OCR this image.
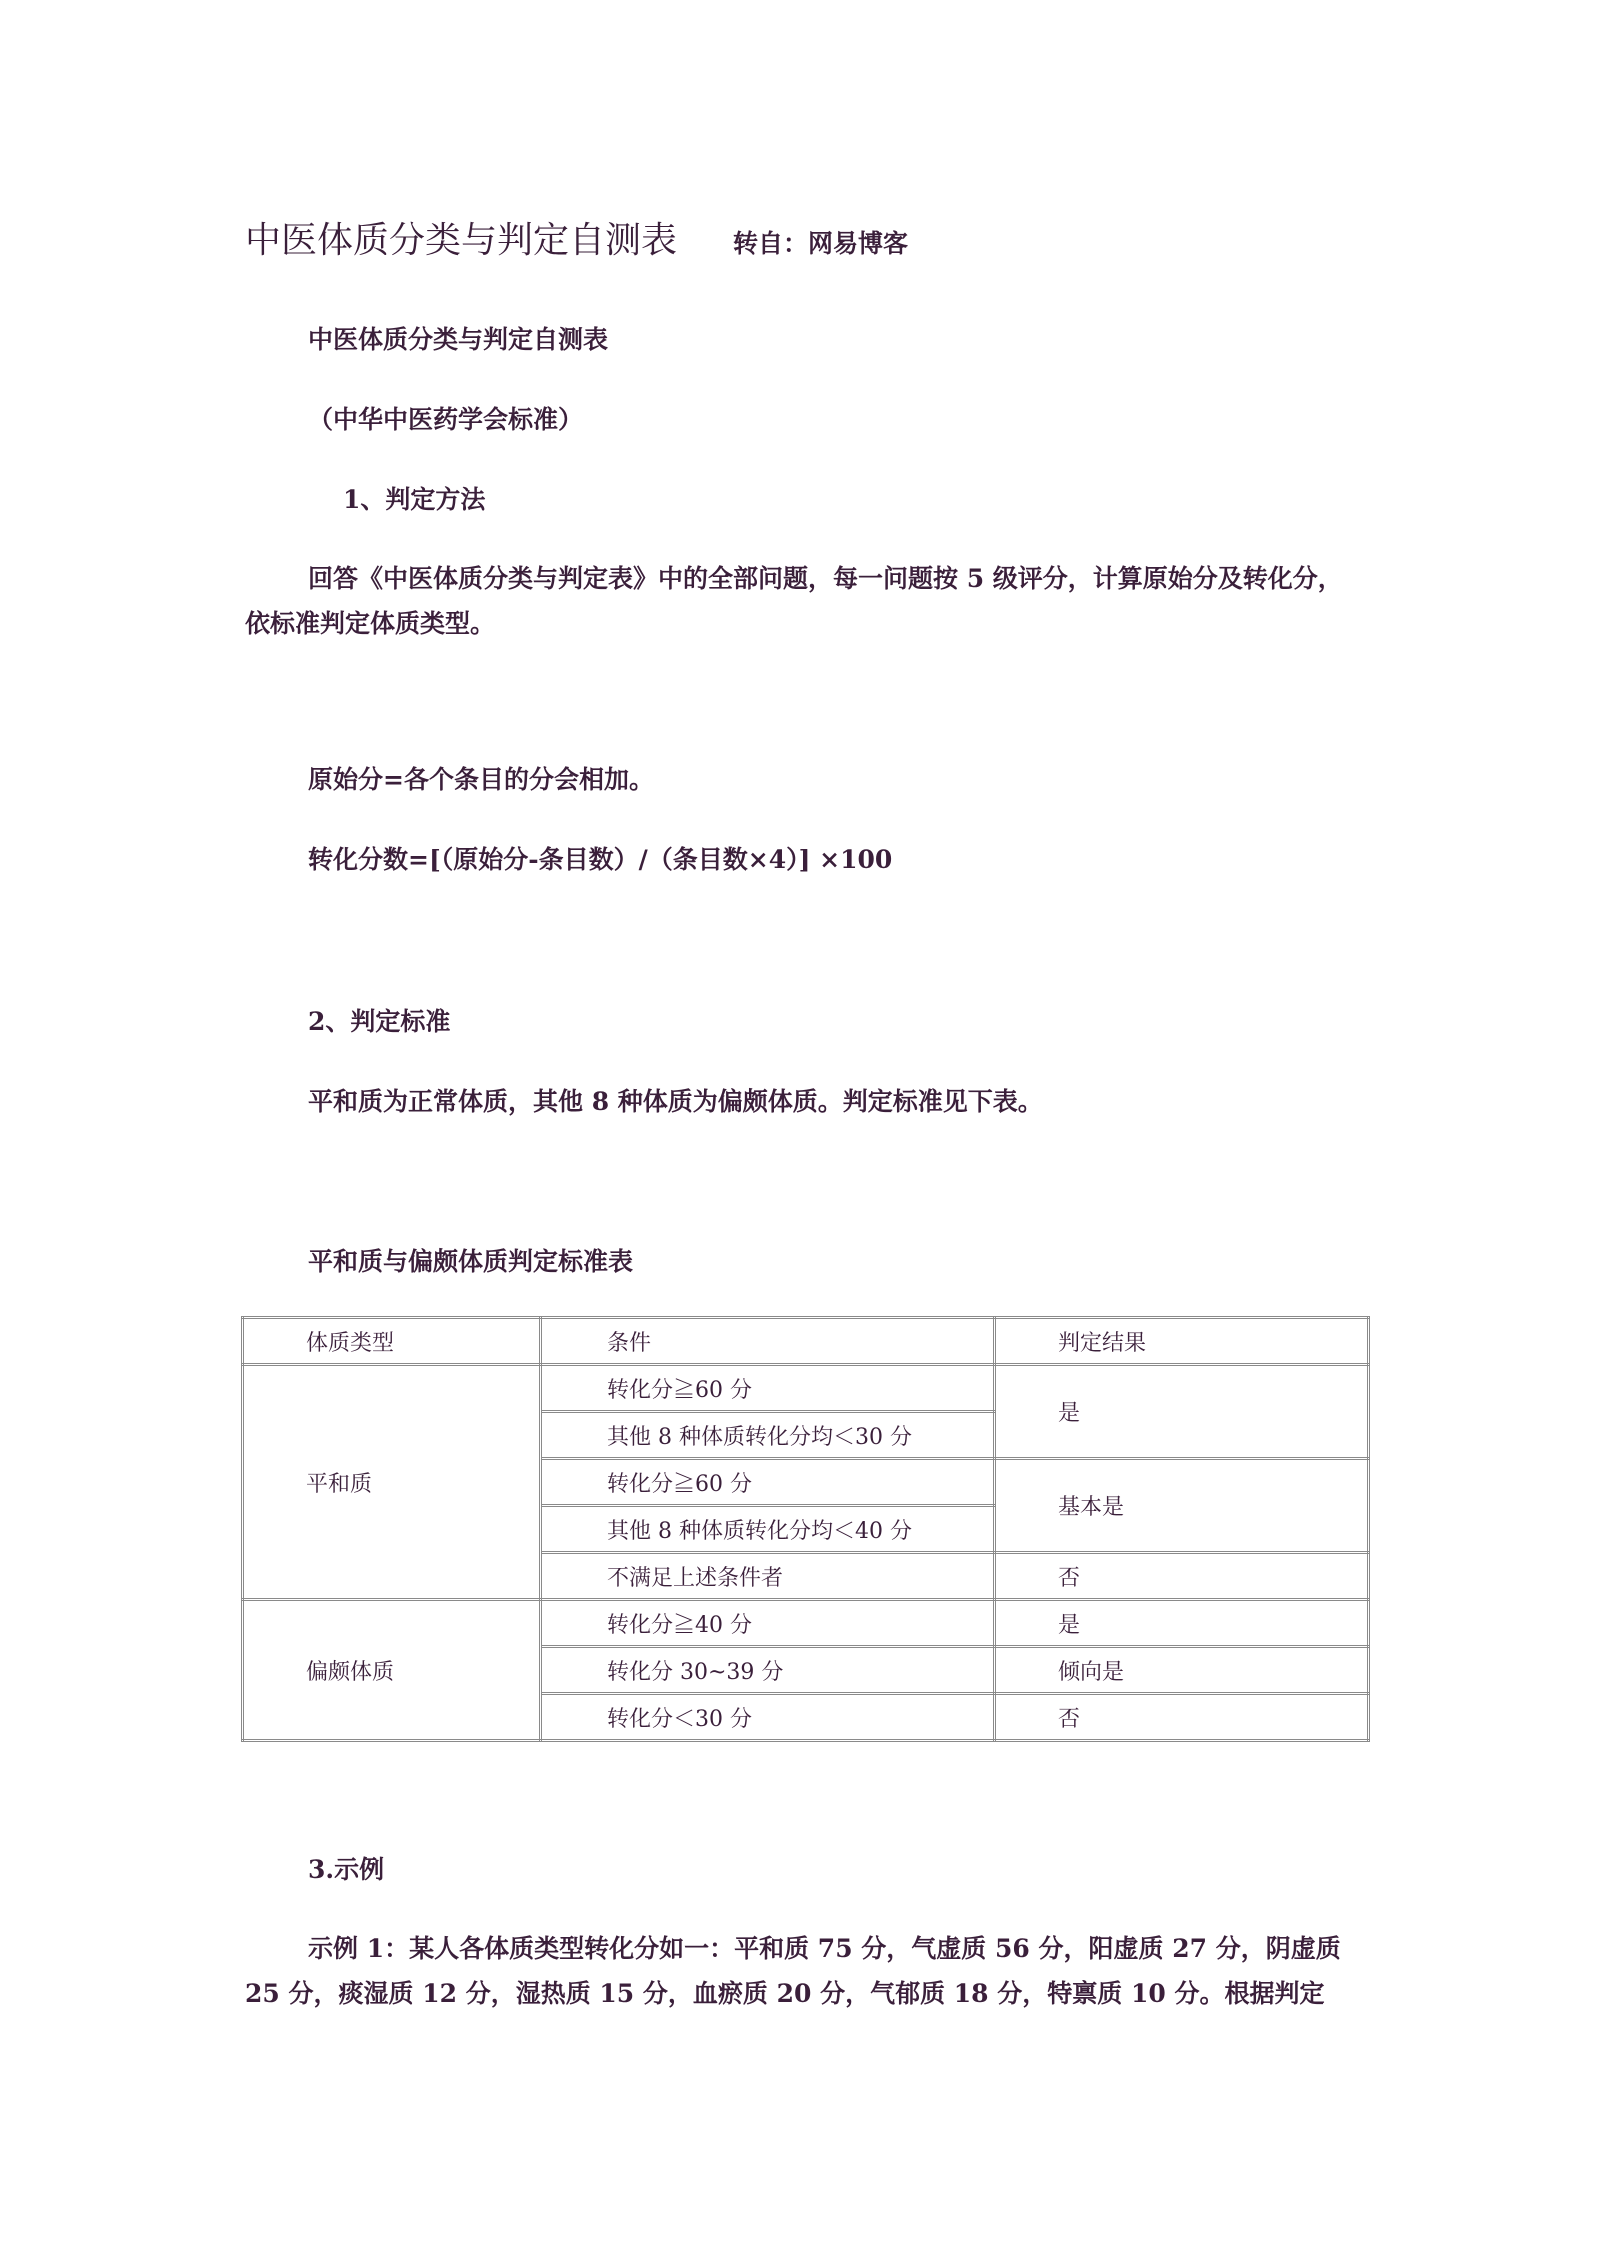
中医体质分类与判定自测表 转自：网易博客
中医体质分类与判定自测表
（中华中医药学会标准）
1、判定方法
回答《中医体质分类与判定表》中的全部问题，每一问题按 5 级评分，计算原始分及转化分，依标准判定体质类型。
原始分=各个条目的分会相加。
转化分数=[（原始分-条目数）/（条目数×4）] ×100
2、判定标准
平和质为正常体质，其他 8 种体质为偏颇体质。判定标准见下表。
平和质与偏颇体质判定标准表
体质类型	条件	判定结果
平和质	转化分≧60 分	是
	其他 8 种体质转化分均＜30 分	
	转化分≧60 分	基本是
	其他 8 种体质转化分均＜40 分	
	不满足上述条件者	否
偏颇体质	转化分≧40 分	是
	转化分 30~39 分	倾向是
	转化分＜30 分	否
3.示例
示例 1：某人各体质类型转化分如一：平和质 75 分，气虚质 56 分，阳虚质 27 分，阴虚质 25 分，痰湿质 12 分，湿热质 15 分，血瘀质 20 分，气郁质 18 分，特禀质 10 分。根据判定
